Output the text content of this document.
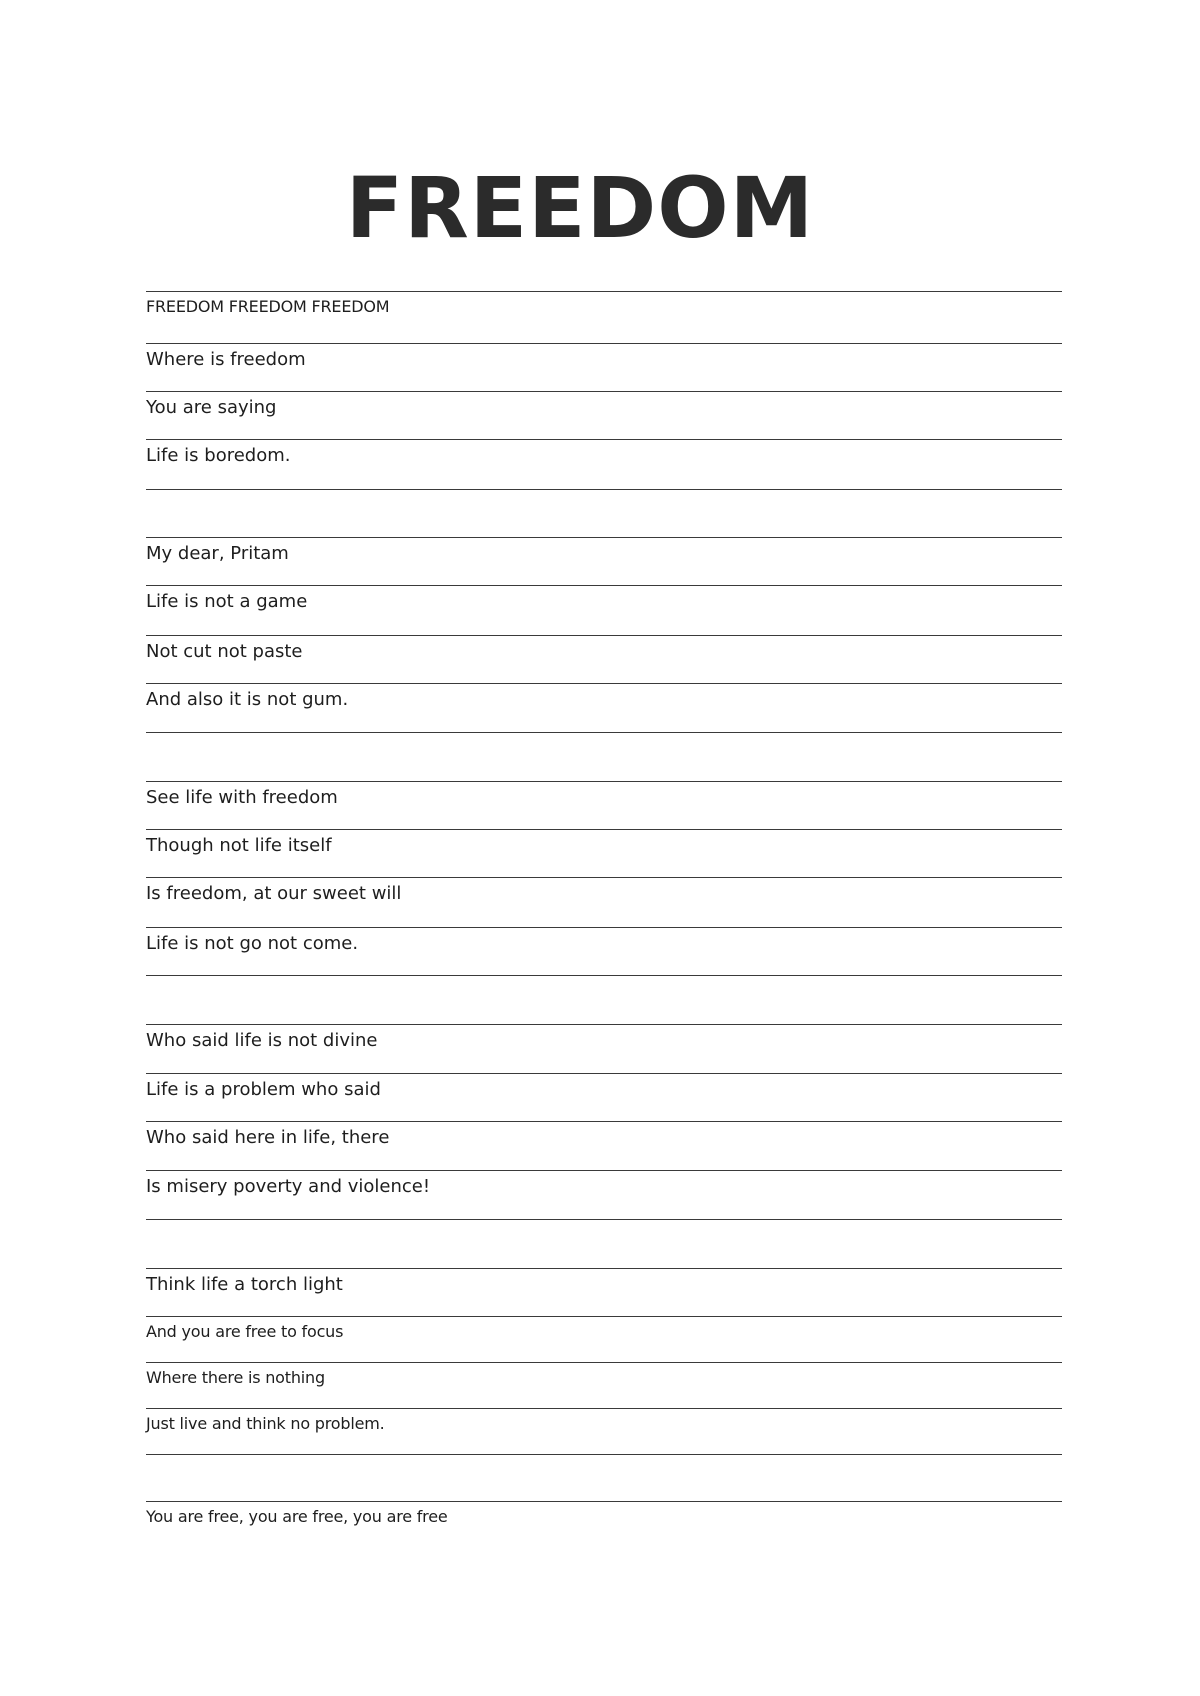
FREEDOM
FREEDOM FREEDOM FREEDOM
Where is freedom
You are saying
Life is boredom.
My dear, Pritam
Life is not a game
Not cut not paste
And also it is not gum.
See life with freedom
Though not life itself
Is freedom, at our sweet will
Life is not go not come.
Who said life is not divine
Life is a problem who said
Who said here in life, there
Is misery poverty and violence!
Think life a torch light
And you are free to focus
Where there is nothing
Just live and think no problem.
You are free, you are free, you are free
